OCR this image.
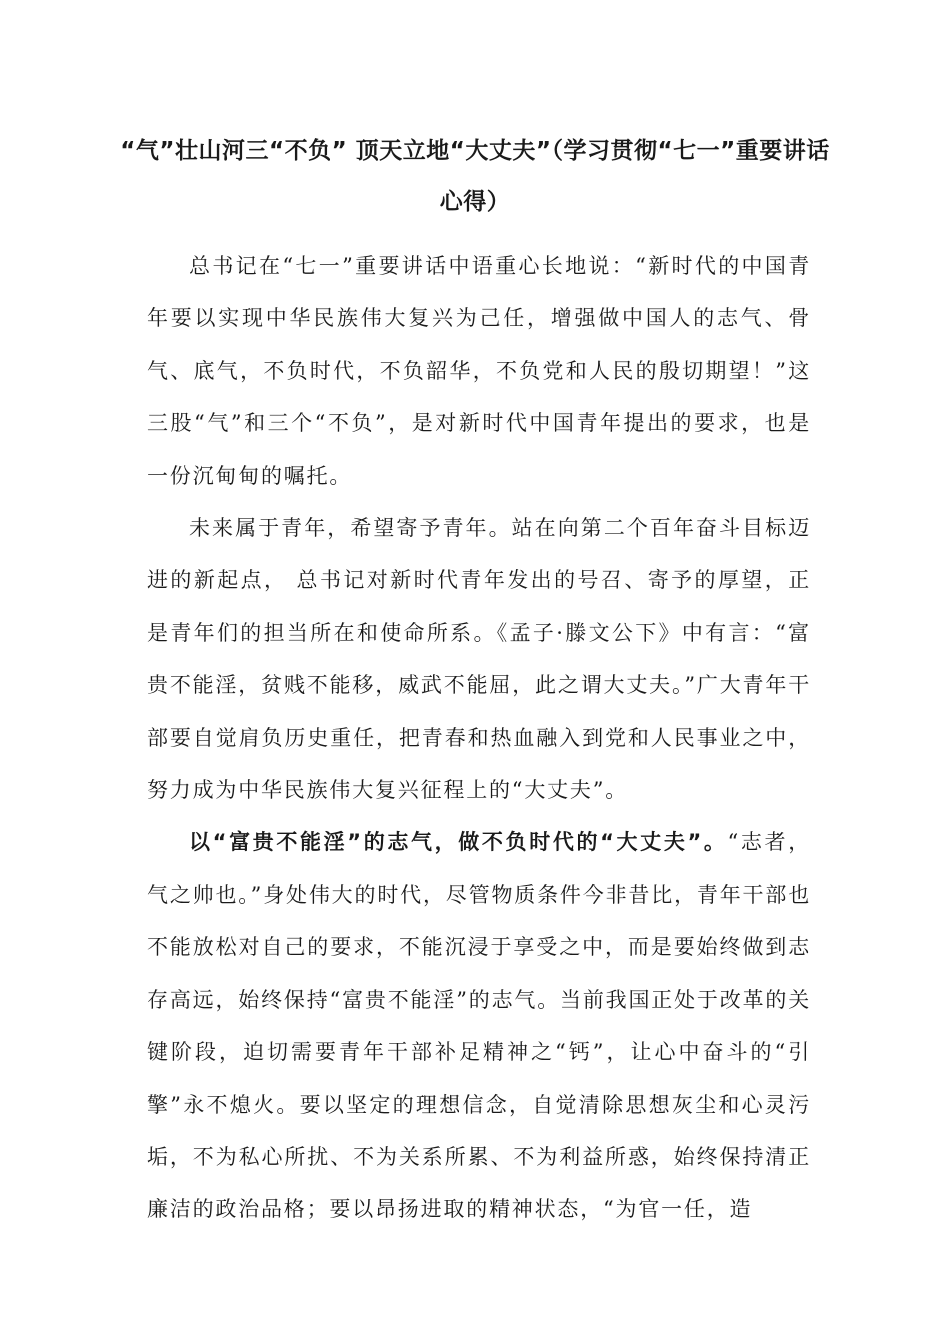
“气”壮山河三“不负” 顶天立地“大丈夫”（学习贯彻“七一”重要讲话心得）

总书记在“七一”重要讲话中语重心长地说：“新时代的中国青年要以实现中华民族伟大复兴为己任，增强做中国人的志气、骨气、底气，不负时代，不负韶华，不负党和人民的殷切期望！”这三股“气”和三个“不负”，是对新时代中国青年提出的要求，也是一份沉甸甸的嘱托。

未来属于青年，希望寄予青年。站在向第二个百年奋斗目标迈进的新起点， 总书记对新时代青年发出的号召、寄予的厚望，正是青年们的担当所在和使命所系。《孟子·滕文公下》中有言：“富贵不能淫，贫贱不能移，威武不能屈，此之谓大丈夫。”广大青年干部要自觉肩负历史重任，把青春和热血融入到党和人民事业之中，努力成为中华民族伟大复兴征程上的“大丈夫”。

以“富贵不能淫”的志气，做不负时代的“大丈夫”。“志者，气之帅也。”身处伟大的时代，尽管物质条件今非昔比，青年干部也不能放松对自己的要求，不能沉浸于享受之中，而是要始终做到志存高远，始终保持“富贵不能淫”的志气。当前我国正处于改革的关键阶段，迫切需要青年干部补足精神之“钙”，让心中奋斗的“引擎”永不熄火。要以坚定的理想信念，自觉清除思想灰尘和心灵污垢，不为私心所扰、不为关系所累、不为利益所惑，始终保持清正廉洁的政治品格；要以昂扬进取的精神状态，“为官一任，造
